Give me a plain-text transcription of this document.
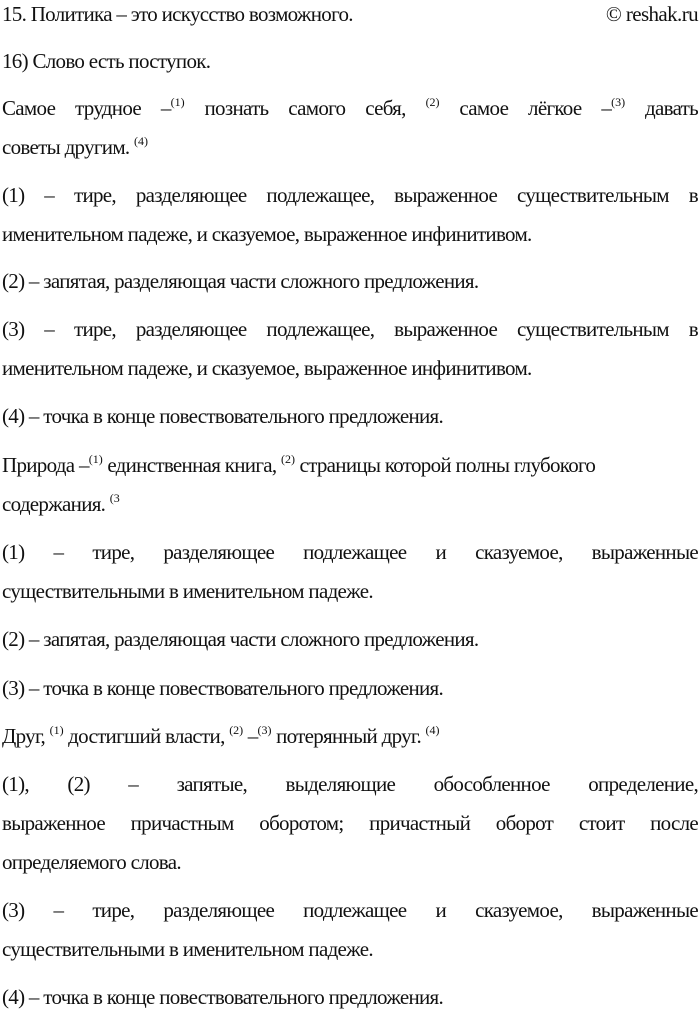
© reshak.ru
15. Политика – это искусство возможного.
16) Слово есть поступок.
Самое трудное –$^{(1)}$ познать самого себя, $^{(2)}$ самое лёгкое –$^{(3)}$ давать
советы другим. $^{(4)}$
(1) – тире, разделяющее подлежащее, выраженное существительным в
именительном падеже, и сказуемое, выраженное инфинитивом.
(2) – запятая, разделяющая части сложного предложения.
(3) – тире, разделяющее подлежащее, выраженное существительным в
именительном падеже, и сказуемое, выраженное инфинитивом.
(4) – точка в конце повествовательного предложения.
Природа –$^{(1)}$ единственная книга, $^{(2)}$ страницы которой полны глубокого
содержания. $^{(3}$
(1) – тире, разделяющее подлежащее и сказуемое, выраженные
существительными в именительном падеже.
(2) – запятая, разделяющая части сложного предложения.
(3) – точка в конце повествовательного предложения.
Друг, $^{(1)}$ достигший власти, $^{(2)}$ –$^{(3)}$ потерянный друг. $^{(4)}$
(1), (2) – запятые, выделяющие обособленное определение,
выраженное причастным оборотом; причастный оборот стоит после
определяемого слова.
(3) – тире, разделяющее подлежащее и сказуемое, выраженные
существительными в именительном падеже.
(4) – точка в конце повествовательного предложения.
